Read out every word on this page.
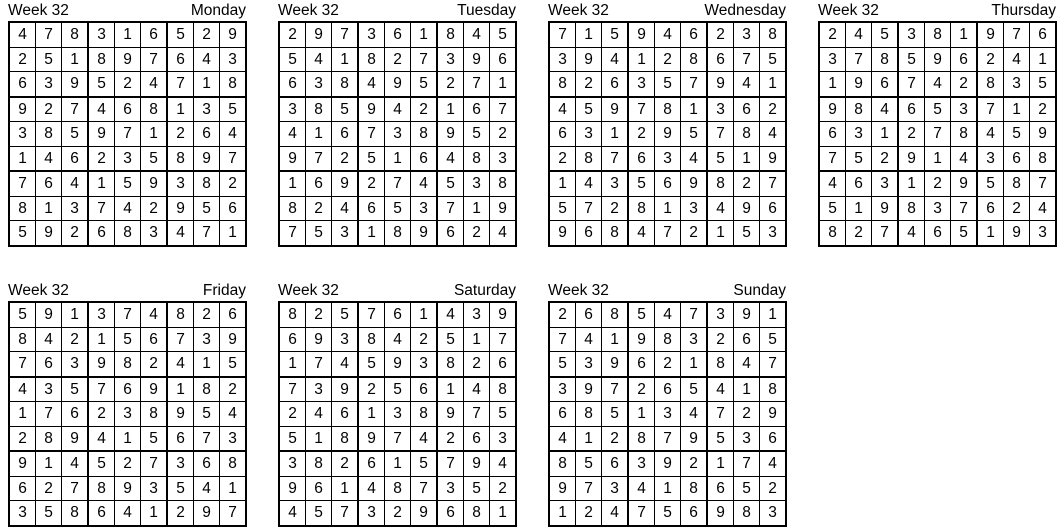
Week 32	Monday
4	7	8	3	1	6	5	2	9
2	5	1	8	9	7	6	4	3
6	3	9	5	2	4	7	1	8
9	2	7	4	6	8	1	3	5
3	8	5	9	7	1	2	6	4
1	4	6	2	3	5	8	9	7
7	6	4	1	5	9	3	8	2
8	1	3	7	4	2	9	5	6
5	9	2	6	8	3	4	7	1
Week 32	Tuesday
2	9	7	3	6	1	8	4	5
5	4	1	8	2	7	3	9	6
6	3	8	4	9	5	2	7	1
3	8	5	9	4	2	1	6	7
4	1	6	7	3	8	9	5	2
9	7	2	5	1	6	4	8	3
1	6	9	2	7	4	5	3	8
8	2	4	6	5	3	7	1	9
7	5	3	1	8	9	6	2	4
Week 32	Wednesday
7	1	5	9	4	6	2	3	8
3	9	4	1	2	8	6	7	5
8	2	6	3	5	7	9	4	1
4	5	9	7	8	1	3	6	2
6	3	1	2	9	5	7	8	4
2	8	7	6	3	4	5	1	9
1	4	3	5	6	9	8	2	7
5	7	2	8	1	3	4	9	6
9	6	8	4	7	2	1	5	3
Week 32	Thursday
2	4	5	3	8	1	9	7	6
3	7	8	5	9	6	2	4	1
1	9	6	7	4	2	8	3	5
9	8	4	6	5	3	7	1	2
6	3	1	2	7	8	4	5	9
7	5	2	9	1	4	3	6	8
4	6	3	1	2	9	5	8	7
5	1	9	8	3	7	6	2	4
8	2	7	4	6	5	1	9	3
Week 32	Friday
5	9	1	3	7	4	8	2	6
8	4	2	1	5	6	7	3	9
7	6	3	9	8	2	4	1	5
4	3	5	7	6	9	1	8	2
1	7	6	2	3	8	9	5	4
2	8	9	4	1	5	6	7	3
9	1	4	5	2	7	3	6	8
6	2	7	8	9	3	5	4	1
3	5	8	6	4	1	2	9	7
Week 32	Saturday
8	2	5	7	6	1	4	3	9
6	9	3	8	4	2	5	1	7
1	7	4	5	9	3	8	2	6
7	3	9	2	5	6	1	4	8
2	4	6	1	3	8	9	7	5
5	1	8	9	7	4	2	6	3
3	8	2	6	1	5	7	9	4
9	6	1	4	8	7	3	5	2
4	5	7	3	2	9	6	8	1
Week 32	Sunday
2	6	8	5	4	7	3	9	1
7	4	1	9	8	3	2	6	5
5	3	9	6	2	1	8	4	7
3	9	7	2	6	5	4	1	8
6	8	5	1	3	4	7	2	9
4	1	2	8	7	9	5	3	6
8	5	6	3	9	2	1	7	4
9	7	3	4	1	8	6	5	2
1	2	4	7	5	6	9	8	3
